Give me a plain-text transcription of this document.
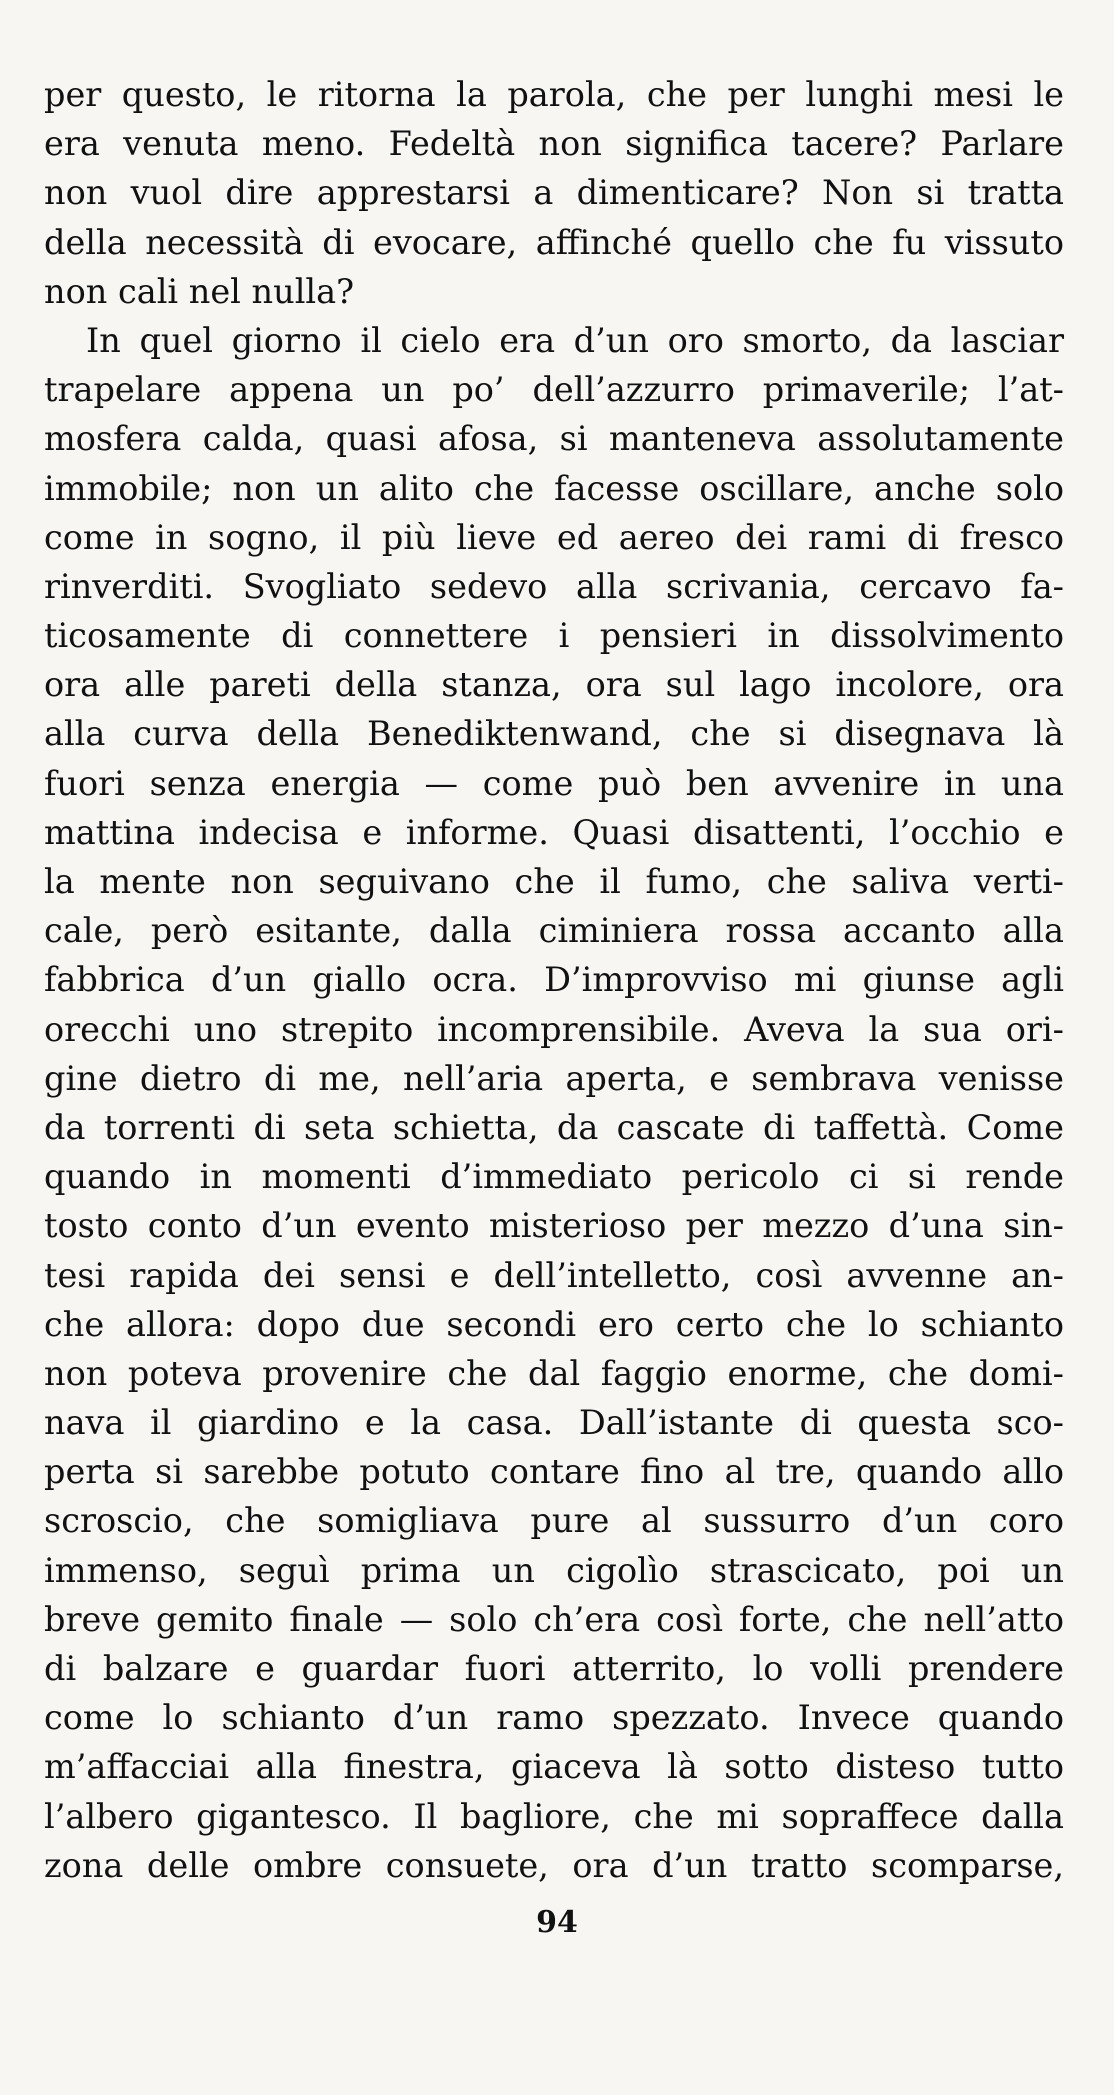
per questo, le ritorna la parola, che per lunghi mesi le
era venuta meno. Fedeltà non significa tacere? Parlare
non vuol dire apprestarsi a dimenticare? Non si tratta
della necessità di evocare, affinché quello che fu vissuto
non cali nel nulla?
In quel giorno il cielo era d’un oro smorto, da lasciar
trapelare appena un po’ dell’azzurro primaverile; l’at-
mosfera calda, quasi afosa, si manteneva assolutamente
immobile; non un alito che facesse oscillare, anche solo
come in sogno, il più lieve ed aereo dei rami di fresco
rinverditi. Svogliato sedevo alla scrivania, cercavo fa-
ticosamente di connettere i pensieri in dissolvimento
ora alle pareti della stanza, ora sul lago incolore, ora
alla curva della Benediktenwand, che si disegnava là
fuori senza energia — come può ben avvenire in una
mattina indecisa e informe. Quasi disattenti, l’occhio e
la mente non seguivano che il fumo, che saliva verti-
cale, però esitante, dalla ciminiera rossa accanto alla
fabbrica d’un giallo ocra. D’improvviso mi giunse agli
orecchi uno strepito incomprensibile. Aveva la sua ori-
gine dietro di me, nell’aria aperta, e sembrava venisse
da torrenti di seta schietta, da cascate di taffettà. Come
quando in momenti d’immediato pericolo ci si rende
tosto conto d’un evento misterioso per mezzo d’una sin-
tesi rapida dei sensi e dell’intelletto, così avvenne an-
che allora: dopo due secondi ero certo che lo schianto
non poteva provenire che dal faggio enorme, che domi-
nava il giardino e la casa. Dall’istante di questa sco-
perta si sarebbe potuto contare fino al tre, quando allo
scroscio, che somigliava pure al sussurro d’un coro
immenso, seguì prima un cigolìo strascicato, poi un
breve gemito finale — solo ch’era così forte, che nell’atto
di balzare e guardar fuori atterrito, lo volli prendere
come lo schianto d’un ramo spezzato. Invece quando
m’affacciai alla finestra, giaceva là sotto disteso tutto
l’albero gigantesco. Il bagliore, che mi sopraffece dalla
zona delle ombre consuete, ora d’un tratto scomparse,
94
